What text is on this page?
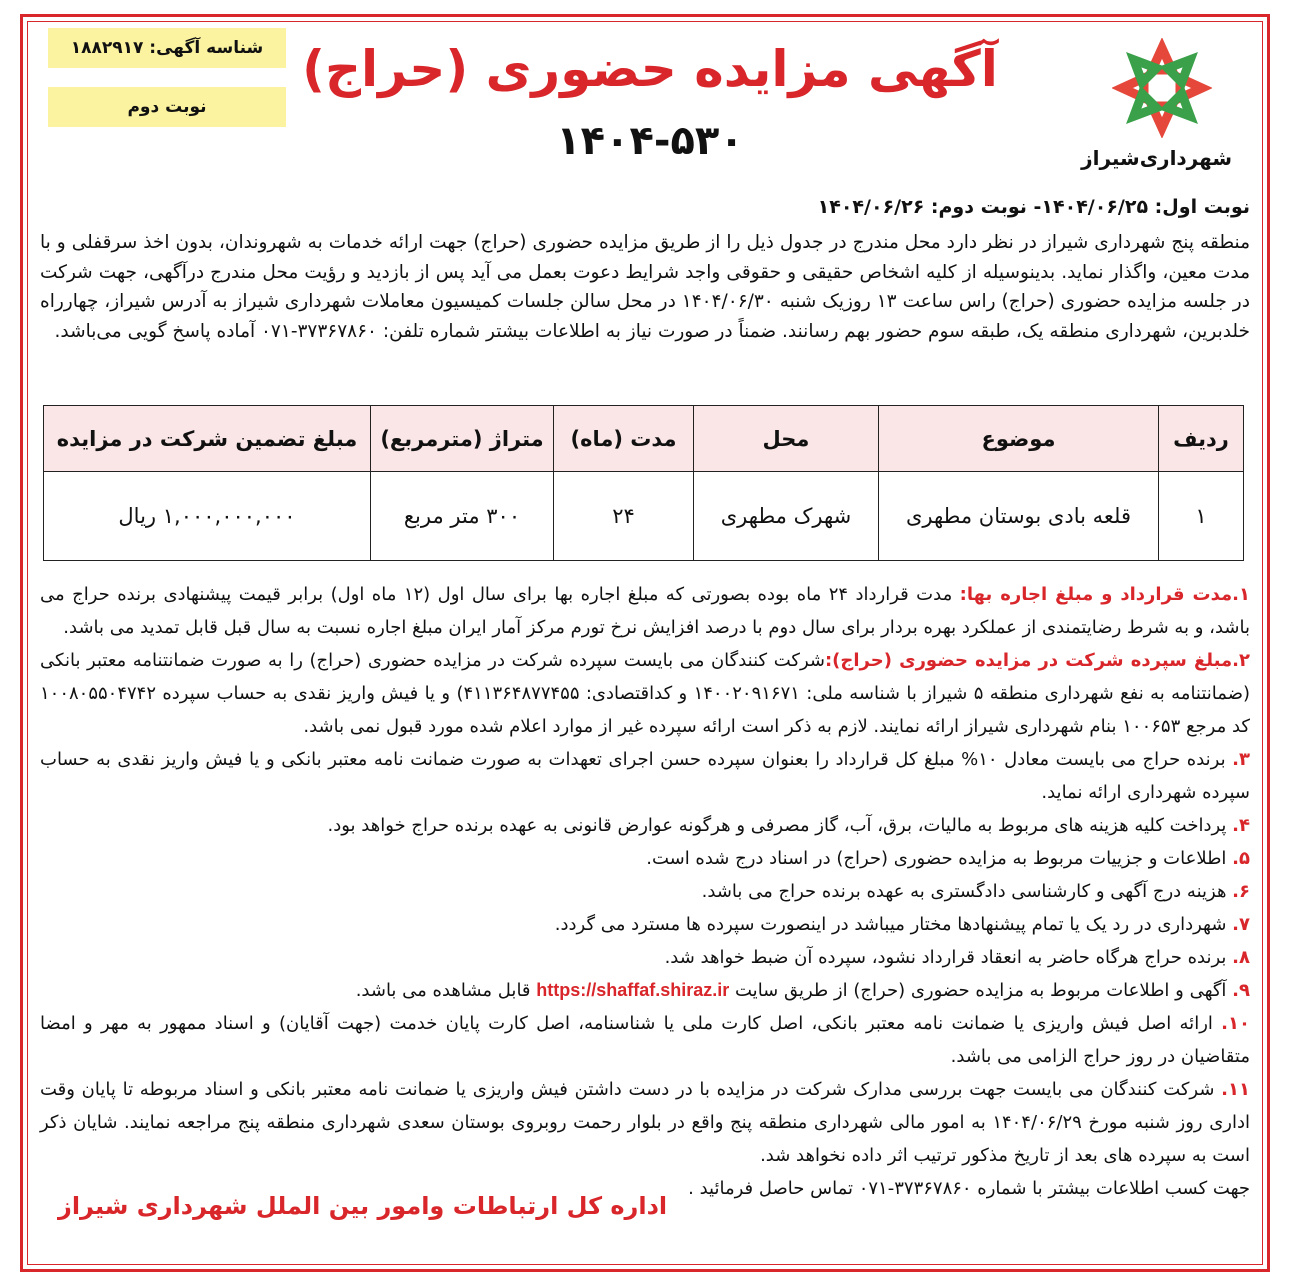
شناسه آگهی: ۱۸۸۲۹۱۷
نوبت دوم
شهرداری‌شیراز
آگهی مزایده حضوری (حراج)
۱۴۰۴-۵۳۰
نوبت اول: ۱۴۰۴/۰۶/۲۵- نوبت دوم: ۱۴۰۴/۰۶/۲۶
منطقه پنج شهرداری شیراز در نظر دارد محل مندرج در جدول ذیل را از طریق مزایده حضوری (حراج) جهت ارائه خدمات به شهروندان، بدون اخذ سرقفلی و با مدت معین، واگذار نماید. بدینوسیله از کلیه اشخاص حقیقی و حقوقی واجد شرایط دعوت بعمل می آید پس از بازدید و رؤیت محل مندرج درآگهی، جهت شرکت در جلسه مزایده حضوری (حراج) راس ساعت ۱۳ روزیک شنبه ۱۴۰۴/۰۶/۳۰ در محل سالن جلسات کمیسیون معاملات شهرداری شیراز به آدرس شیراز، چهارراه خلدبرین، شهرداری منطقه یک، طبقه سوم حضور بهم رسانند. ضمناً در صورت نیاز به اطلاعات بیشتر شماره تلفن: ۳۷۳۶۷۸۶۰-۰۷۱ آماده پاسخ گویی می‌باشد.
ردیف	موضوع	محل	مدت (ماه)	متراژ (مترمربع)	مبلغ تضمین شرکت در مزایده
۱	قلعه بادی بوستان مطهری	شهرک مطهری	۲۴	۳۰۰ متر مربع	۱,۰۰۰,۰۰۰,۰۰۰ ریال

۱.مدت قرارداد و مبلغ اجاره بها: مدت قرارداد ۲۴ ماه بوده بصورتی که مبلغ اجاره بها برای سال اول (۱۲ ماه اول) برابر قیمت پیشنهادی برنده حراج می باشد، و به شرط رضایتمندی از عملکرد بهره بردار برای سال دوم با درصد افزایش نرخ تورم مرکز آمار ایران مبلغ اجاره نسبت به سال قبل قابل تمدید می باشد.

۲.مبلغ سپرده شرکت در مزایده حضوری (حراج):شرکت کنندگان می بایست سپرده شرکت در مزایده حضوری (حراج) را به صورت ضمانتنامه معتبر بانکی (ضمانتنامه به نفع شهرداری منطقه ۵ شیراز با شناسه ملی: ۱۴۰۰۲۰۹۱۶۷۱ و کداقتصادی: ۴۱۱۳۶۴۸۷۷۴۵۵) و یا فیش واریز نقدی به حساب سپرده ۱۰۰۸۰۵۵۰۴۷۴۲ کد مرجع ۱۰۰۶۵۳ بنام شهرداری شیراز ارائه نمایند. لازم به ذکر است ارائه سپرده غیر از موارد اعلام شده مورد قبول نمی باشد.

۳. برنده حراج می بایست معادل ۱۰% مبلغ کل قرارداد را بعنوان سپرده حسن اجرای تعهدات به صورت ضمانت نامه معتبر بانکی و یا فیش واریز نقدی به حساب سپرده شهرداری ارائه نماید.

۴. پرداخت کلیه هزینه های مربوط به مالیات، برق، آب، گاز مصرفی و هرگونه عوارض قانونی به عهده برنده حراج خواهد بود.

۵. اطلاعات و جزییات مربوط به مزایده حضوری (حراج) در اسناد درج شده است.

۶. هزینه درج آگهی و کارشناسی دادگستری به عهده برنده حراج می باشد.

۷. شهرداری در رد یک یا تمام پیشنهادها مختار میباشد در اینصورت سپرده ها مسترد می گردد.

۸. برنده حراج هرگاه حاضر به انعقاد قرارداد نشود، سپرده آن ضبط خواهد شد.

۹. آگهی و اطلاعات مربوط به مزایده حضوری (حراج) از طریق سایت https://shaffaf.shiraz.ir قابل مشاهده می باشد.

۱۰. ارائه اصل فیش واریزی یا ضمانت نامه معتبر بانکی، اصل کارت ملی یا شناسنامه، اصل کارت پایان خدمت (جهت آقایان) و اسناد ممهور به مهر و امضا متقاضیان در روز حراج الزامی می باشد.

۱۱. شرکت کنندگان می بایست جهت بررسی مدارک شرکت در مزایده با در دست داشتن فیش واریزی یا ضمانت نامه معتبر بانکی و اسناد مربوطه تا پایان وقت اداری روز شنبه مورخ ۱۴۰۴/۰۶/۲۹ به امور مالی شهرداری منطقه پنج واقع در بلوار رحمت روبروی بوستان سعدی شهرداری منطقه پنج مراجعه نمایند. شایان ذکر است به سپرده های بعد از تاریخ مذکور ترتیب اثر داده نخواهد شد.

جهت کسب اطلاعات بیشتر با شماره ۳۷۳۶۷۸۶۰-۰۷۱ تماس حاصل فرمائید .

اداره کل ارتباطات وامور بین الملل شهرداری شیراز
